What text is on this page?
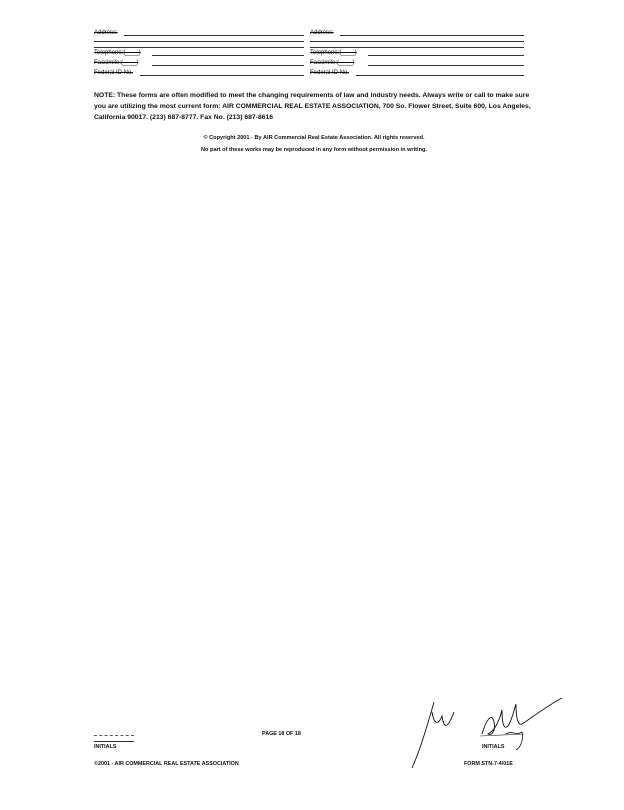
Address:
Telephone:(____)
Facsimile:(____)
Federal ID No.
Address:
Telephone:(____)
Facsimile:(____)
Federal ID No.
NOTE: These forms are often modified to meet the changing requirements of law and industry needs. Always write or call to make sure you are utilizing the most current form: AIR COMMERCIAL REAL ESTATE ASSOCIATION, 700 So. Flower Street, Suite 600, Los Angeles, California 90017. (213) 687-8777. Fax No. (213) 687-8616
© Copyright 2001 - By AIR Commercial Real Estate Association. All rights reserved.
No part of these works may be reproduced in any form without permission in writing.
INITIALS
PAGE 18 OF 18
INITIALS
©2001 - AIR COMMERCIAL REAL ESTATE ASSOCIATION	FORM STN-7-4/01E
